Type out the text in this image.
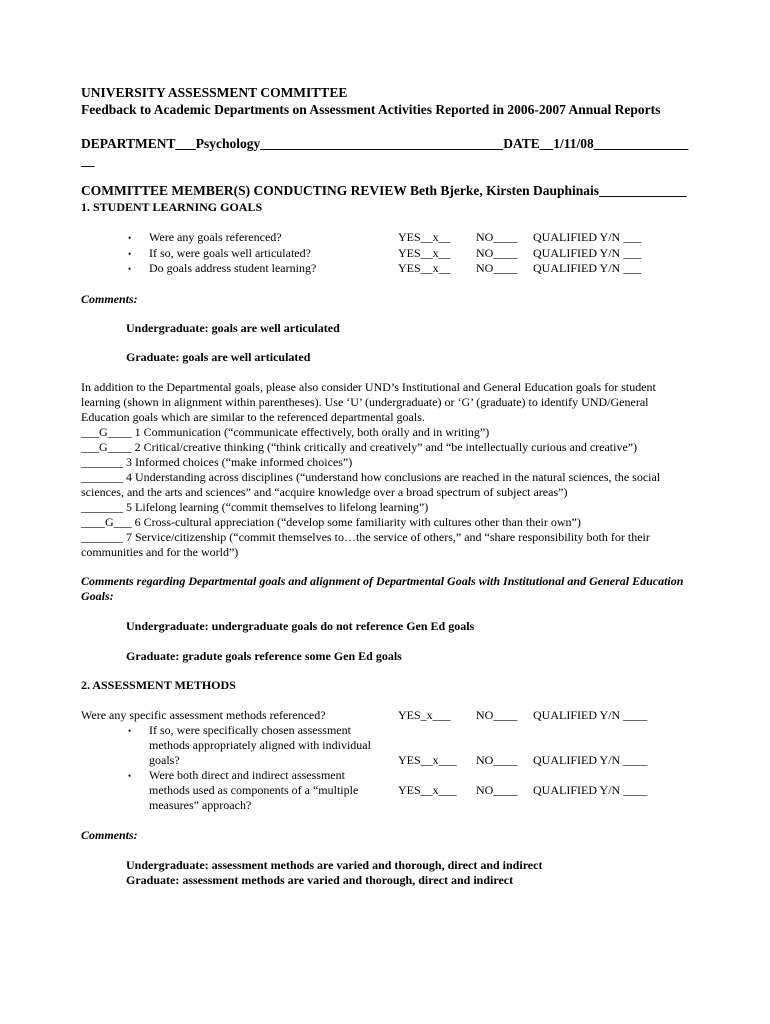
UNIVERSITY ASSESSMENT COMMITTEE
Feedback to Academic Departments on Assessment Activities Reported in 2006-2007 Annual Reports
DEPARTMENT___Psychology____________________________________DATE__1/11/08______________
__
COMMITTEE MEMBER(S) CONDUCTING REVIEW Beth Bjerke, Kirsten Dauphinais_____________
1. STUDENT LEARNING GOALS
• Were any goals referenced?	YES__x__ NO____ QUALIFIED Y/N ___
• If so, were goals well articulated?	YES__x__ NO____ QUALIFIED Y/N ___
• Do goals address student learning?	YES__x__ NO____ QUALIFIED Y/N ___
Comments:
Undergraduate: goals are well articulated
Graduate: goals are well articulated
In addition to the Departmental goals, please also consider UND’s Institutional and General Education goals for student
learning (shown in alignment within parentheses). Use ‘U’ (undergraduate) or ‘G’ (graduate) to identify UND/General
Education goals which are similar to the referenced departmental goals.
___G____ 1 Communication (“communicate effectively, both orally and in writing”)
___G____ 2 Critical/creative thinking (“think critically and creatively” and “be intellectually curious and creative”)
_______ 3 Informed choices (“make informed choices”)
_______ 4 Understanding across disciplines (“understand how conclusions are reached in the natural sciences, the social
sciences, and the arts and sciences” and “acquire knowledge over a broad spectrum of subject areas”)
_______ 5 Lifelong learning (“commit themselves to lifelong learning”)
____G___ 6 Cross-cultural appreciation (“develop some familiarity with cultures other than their own”)
_______ 7 Service/citizenship (“commit themselves to…the service of others,” and “share responsibility both for their
communities and for the world”)
Comments regarding Departmental goals and alignment of Departmental Goals with Institutional and General Education
Goals:
Undergraduate: undergraduate goals do not reference Gen Ed goals
Graduate: gradute goals reference some Gen Ed goals
2. ASSESSMENT METHODS
Were any specific assessment methods referenced?	YES_x___ NO____ QUALIFIED Y/N ____
• If so, were specifically chosen assessment
methods appropriately aligned with individual
goals?	YES__x___ NO____ QUALIFIED Y/N ____
• Were both direct and indirect assessment
methods used as components of a “multiple
measures” approach?
YES__x___ NO____ QUALIFIED Y/N ____
Comments:
Undergraduate: assessment methods are varied and thorough, direct and indirect
Graduate: assessment methods are varied and thorough, direct and indirect
